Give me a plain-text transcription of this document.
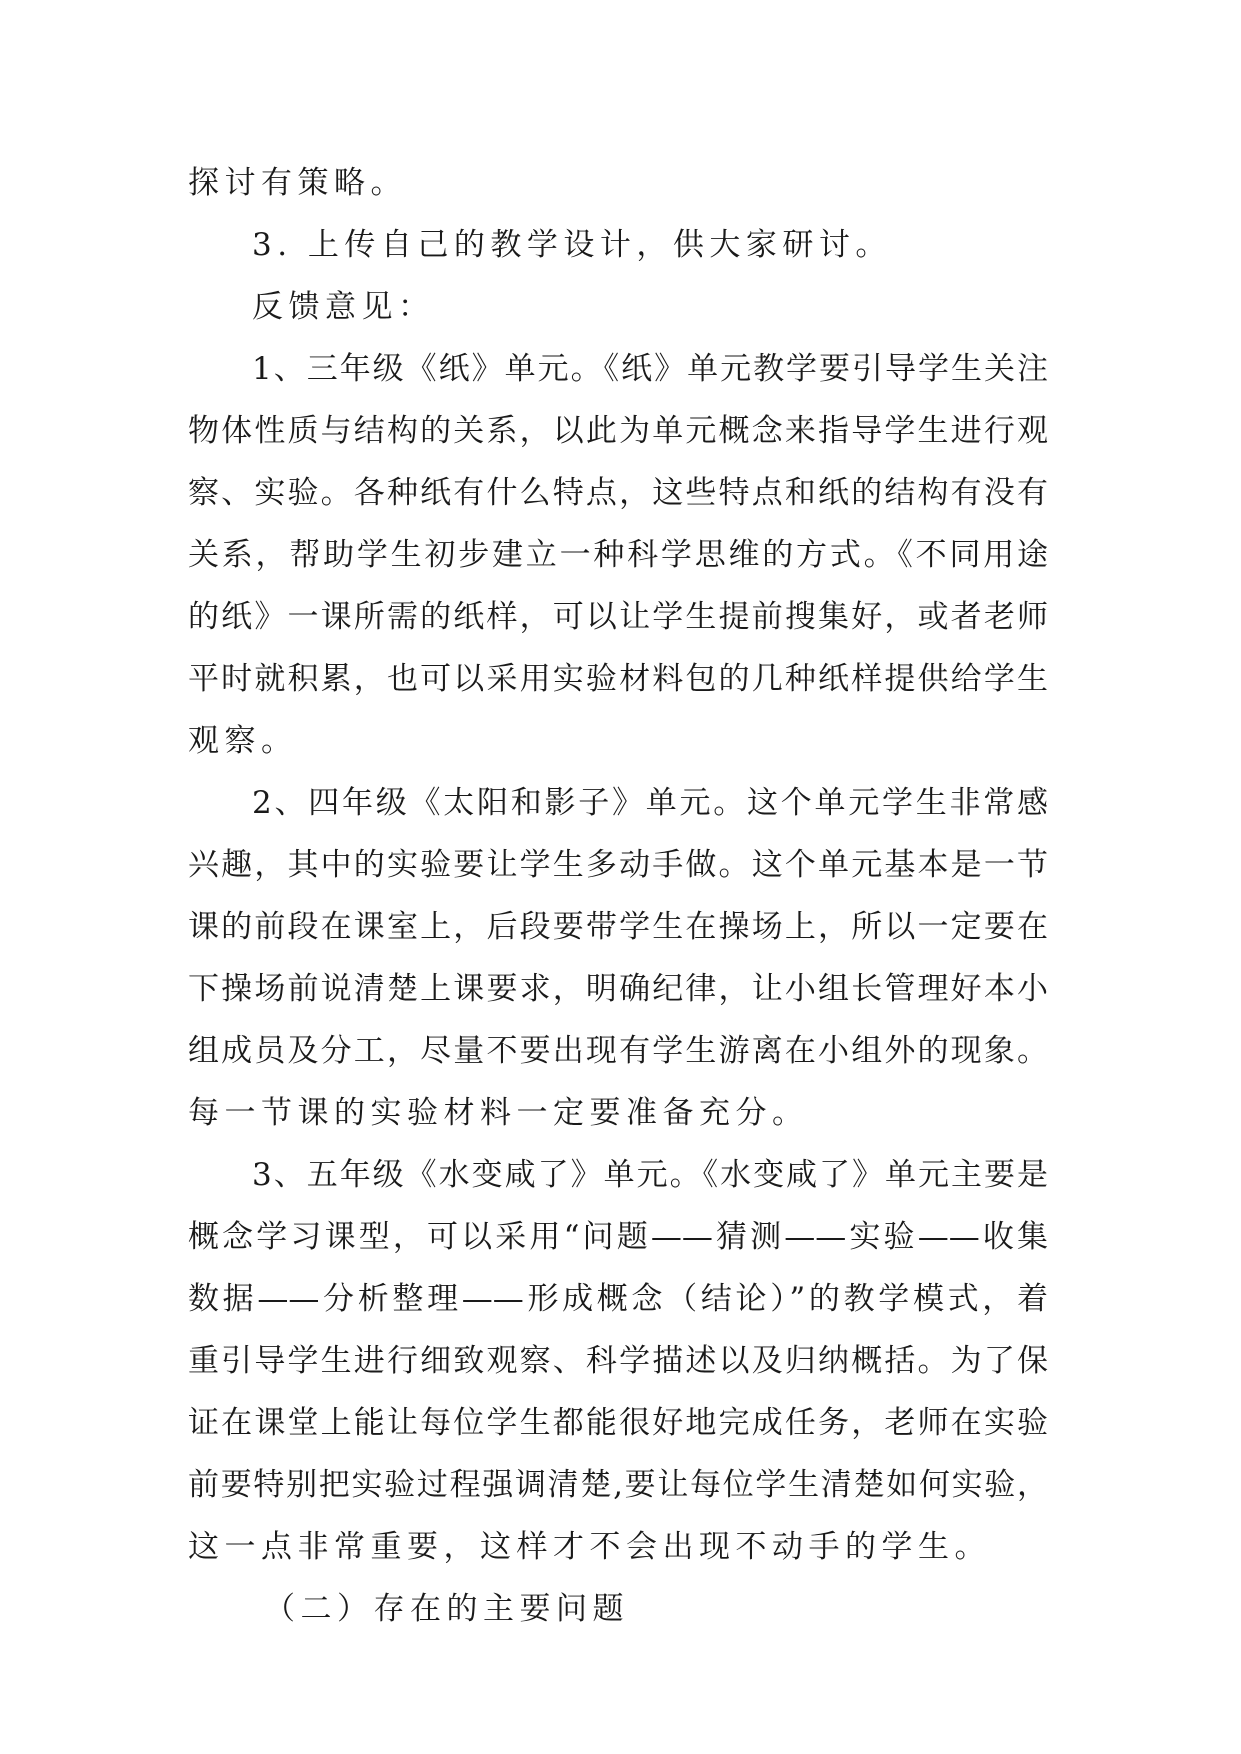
探讨有策略。
3. 上传自己的教学设计，供大家研讨。
反馈意见：
1、三年级《纸》单元。《纸》单元教学要引导学生关注
物体性质与结构的关系，以此为单元概念来指导学生进行观
察、实验。各种纸有什么特点，这些特点和纸的结构有没有
关系，帮助学生初步建立一种科学思维的方式。《不同用途
的纸》一课所需的纸样，可以让学生提前搜集好，或者老师
平时就积累，也可以采用实验材料包的几种纸样提供给学生
观察。
2、四年级《太阳和影子》单元。这个单元学生非常感
兴趣，其中的实验要让学生多动手做。这个单元基本是一节
课的前段在课室上，后段要带学生在操场上，所以一定要在
下操场前说清楚上课要求，明确纪律，让小组长管理好本小
组成员及分工，尽量不要出现有学生游离在小组外的现象。
每一节课的实验材料一定要准备充分。
3、五年级《水变咸了》单元。《水变咸了》单元主要是
概念学习课型，可以采用“问题——猜测——实验——收集
数据——分析整理——形成概念（结论）”的教学模式，着
重引导学生进行细致观察、科学描述以及归纳概括。为了保
证在课堂上能让每位学生都能很好地完成任务，老师在实验
前要特别把实验过程强调清楚,要让每位学生清楚如何实验，
这一点非常重要，这样才不会出现不动手的学生。
（二）存在的主要问题
